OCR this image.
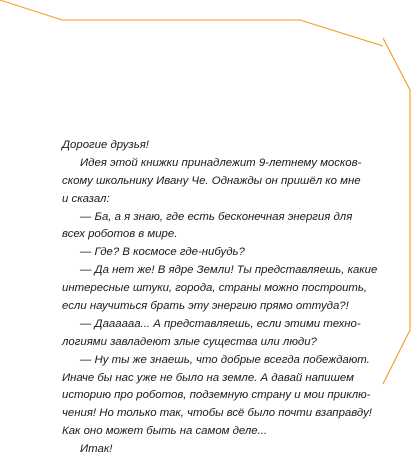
Дорогие друзья!
Идея этой книжки принадлежит 9-летнему москов-
скому школьнику Ивану Че. Однажды он пришёл ко мне
и сказал:
— Ба, а я знаю, где есть бесконечная энергия для
всех роботов в мире.
— Где? В космосе где-нибудь?
— Да нет же! В ядре Земли! Ты представляешь, какие
интересные штуки, города, страны можно построить,
если научиться брать эту энергию прямо оттуда?!
— Даааааа... А представляешь, если этими техно-
логиями завладеют злые существа или люди?
— Ну ты же знаешь, что добрые всегда побеждают.
Иначе бы нас уже не было на земле. А давай напишем
историю про роботов, подземную страну и мои приклю-
чения! Но только так, чтобы всё было почти взаправду!
Как оно может быть на самом деле...
Итак!
